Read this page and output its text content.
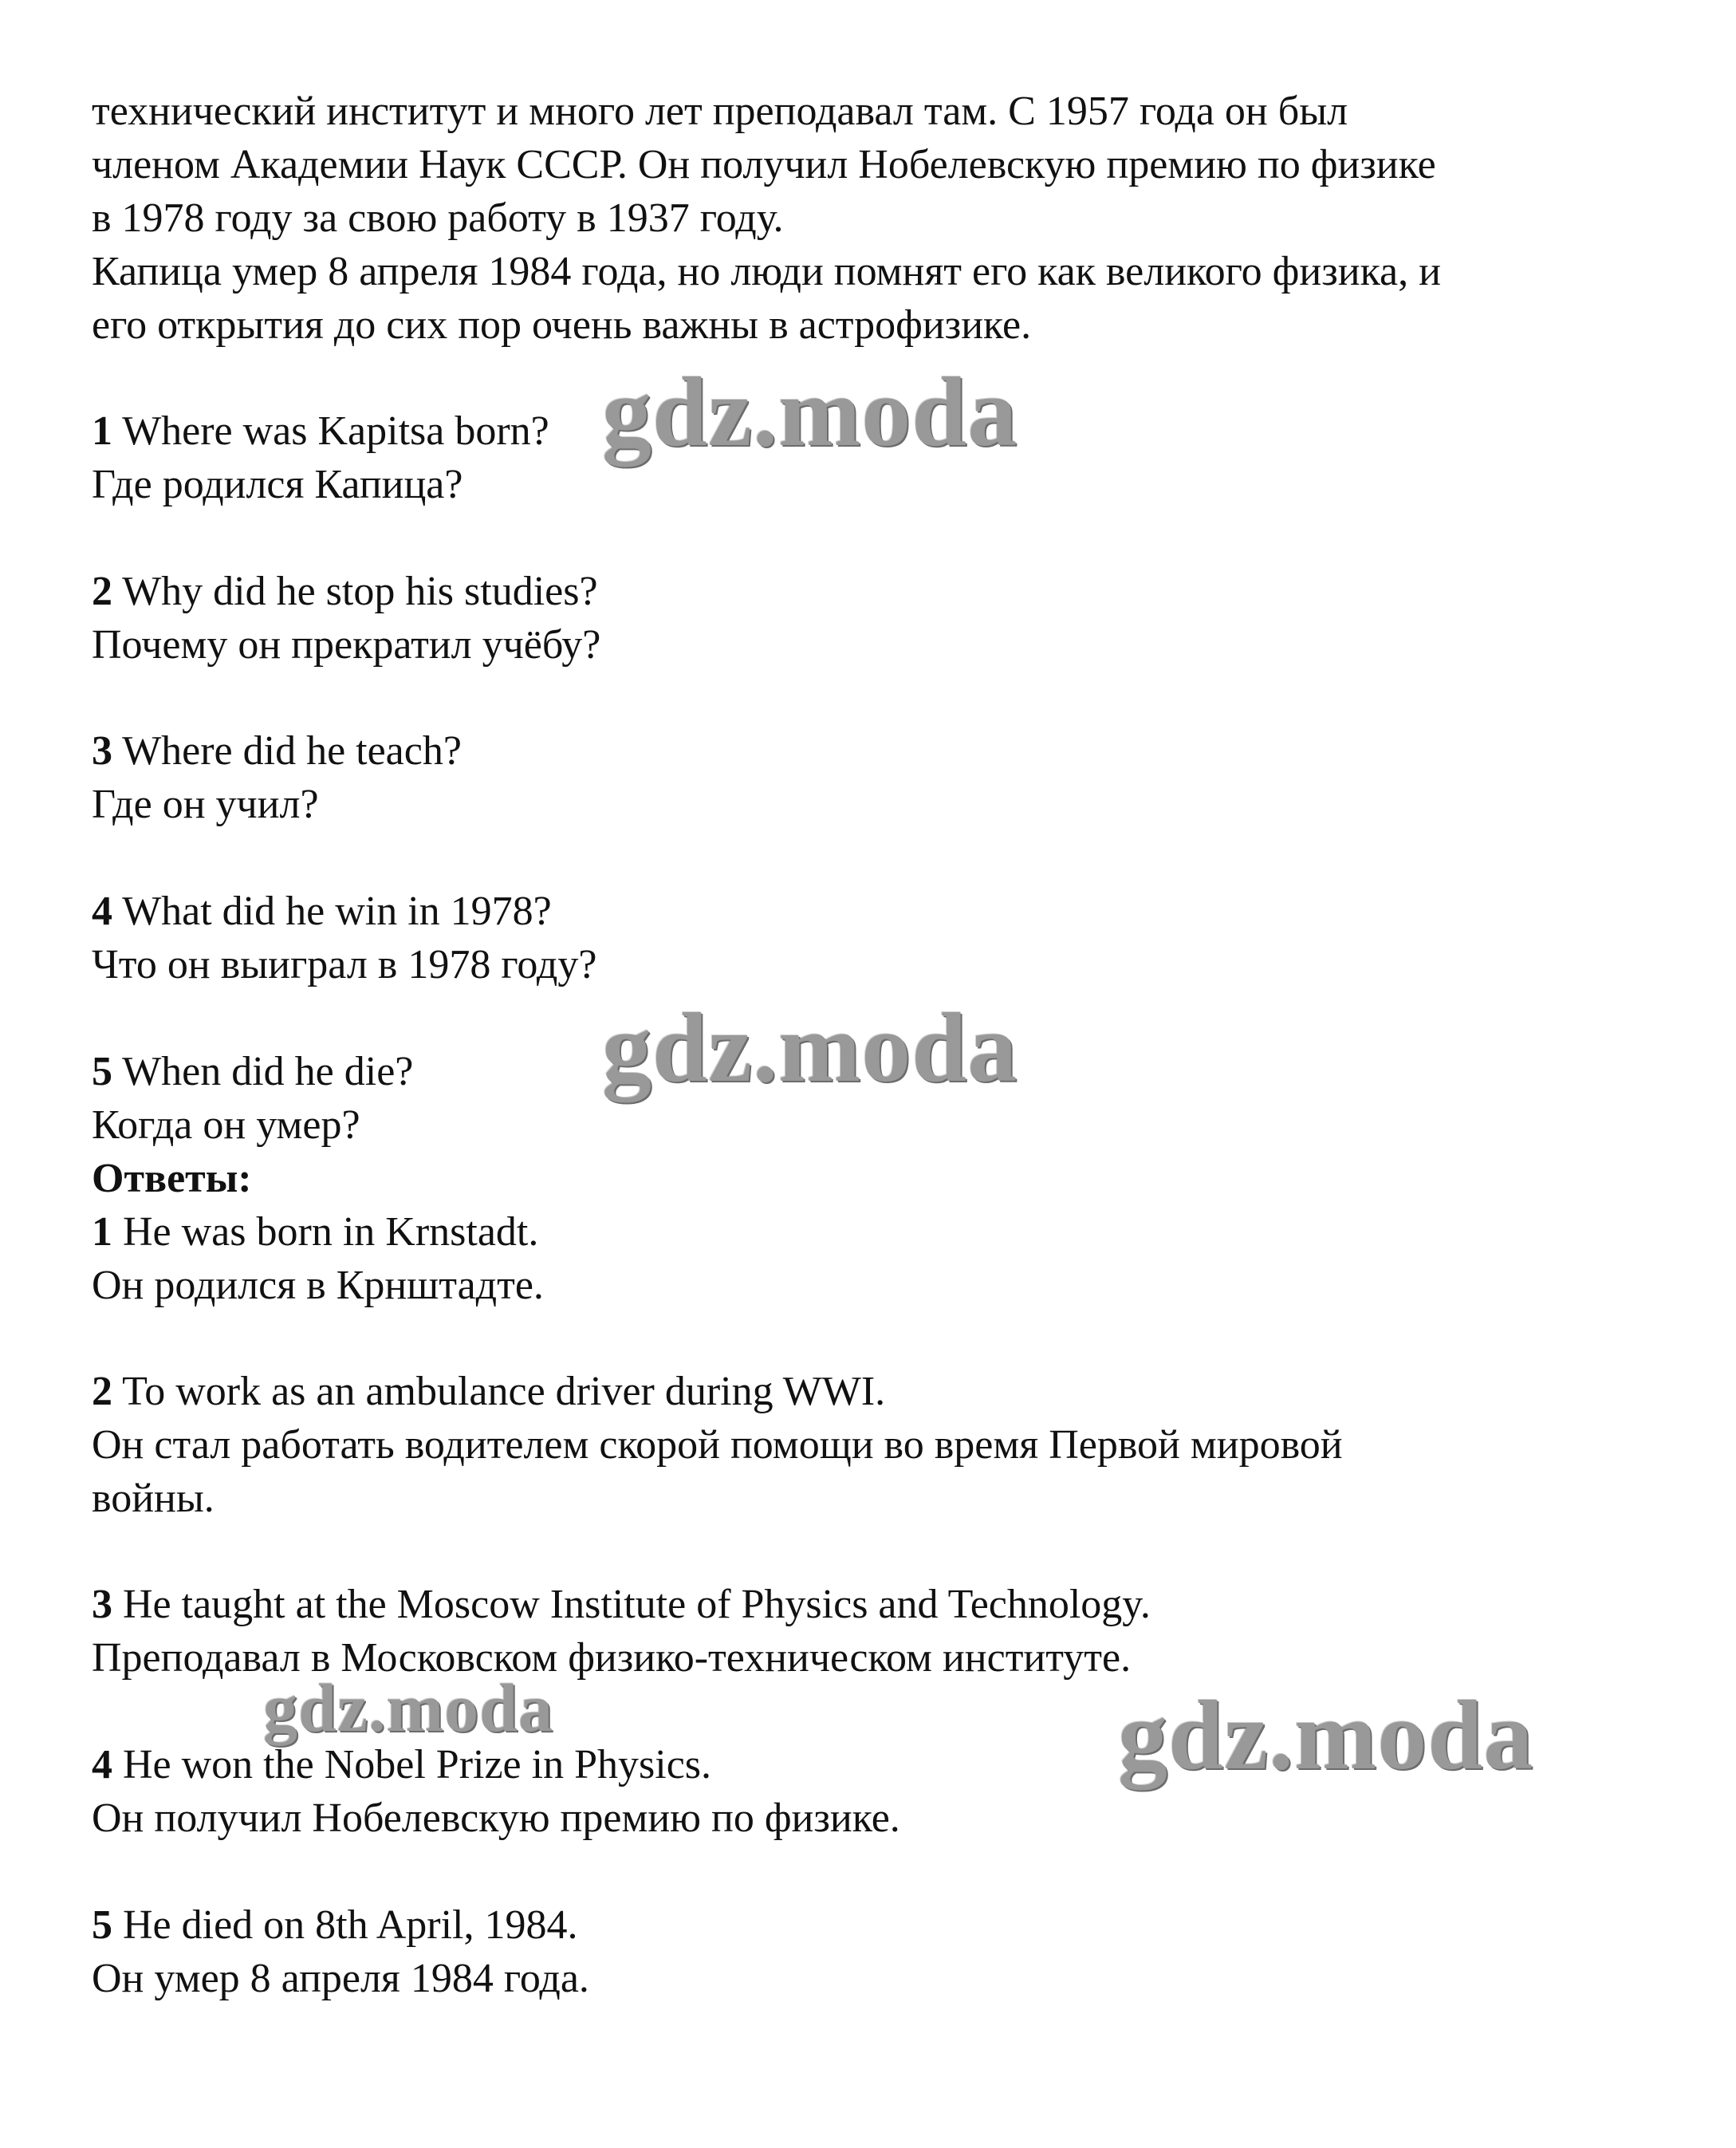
технический институт и много лет преподавал там. С 1957 года он был
членом Академии Наук СССР. Он получил Нобелевскую премию по физике
в 1978 году за свою работу в 1937 году.
Капица умер 8 апреля 1984 года, но люди помнят его как великого физика, и
его открытия до сих пор очень важны в астрофизике.
1 Where was Kapitsa born?
Где родился Капица?
2 Why did he stop his studies?
Почему он прекратил учёбу?
3 Where did he teach?
Где он учил?
4 What did he win in 1978?
Что он выиграл в 1978 году?
5 When did he die?
Когда он умер?
Ответы:
1 He was born in Krnstadt.
Он родился в Крнштадте.
2 To work as an ambulance driver during WWI.
Он стал работать водителем скорой помощи во время Первой мировой
войны.
3 He taught at the Moscow Institute of Physics and Technology.
Преподавал в Московском физико-техническом институте.
4 He won the Nobel Prize in Physics.
Он получил Нобелевскую премию по физике.
5 He died on 8th April, 1984.
Он умер 8 апреля 1984 года.
gdz.moda
gdz.moda
gdz.moda	gdz.moda
